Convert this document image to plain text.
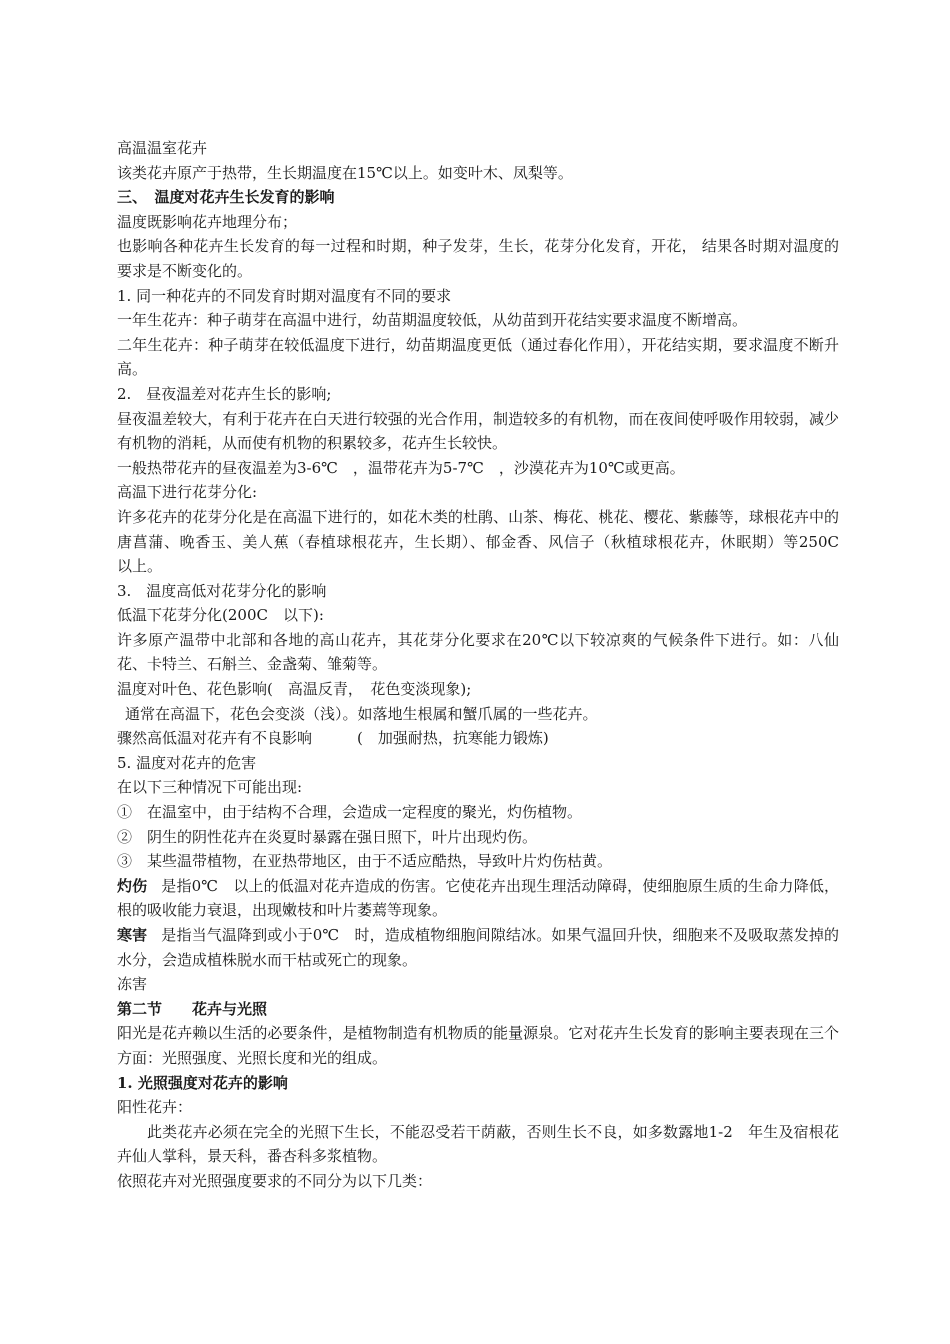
高温温室花卉

该类花卉原产于热带，生长期温度在15℃以上。如变叶木、凤梨等。

三、　温度对花卉生长发育的影响

温度既影响花卉地理分布；

也影响各种花卉生长发育的每一过程和时期，种子发芽，生长，花芽分化发育，开花， 结果各时期对温度的要求是不断变化的。

1. 同一种花卉的不同发育时期对温度有不同的要求

一年生花卉：种子萌芽在高温中进行，幼苗期温度较低，从幼苗到开花结实要求温度不断增高。

二年生花卉：种子萌芽在较低温度下进行，幼苗期温度更低（通过春化作用），开花结实期，要求温度不断升高。

2.　昼夜温差对花卉生长的影响;

昼夜温差较大，有利于花卉在白天进行较强的光合作用，制造较多的有机物，而在夜间使呼吸作用较弱，减少有机物的消耗，从而使有机物的积累较多，花卉生长较快。

一般热带花卉的昼夜温差为3-6℃　，温带花卉为5-7℃　，沙漠花卉为10℃或更高。

高温下进行花芽分化:

许多花卉的花芽分化是在高温下进行的，如花木类的杜鹃、山茶、梅花、桃花、樱花、紫藤等，球根花卉中的唐菖蒲、晚香玉、美人蕉（春植球根花卉，生长期）、郁金香、风信子（秋植球根花卉，休眠期）等250C　以上。

3.　温度高低对花芽分化的影响

低温下花芽分化(200C　以下):

许多原产温带中北部和各地的高山花卉，其花芽分化要求在20℃以下较凉爽的气候条件下进行。如：八仙花、卡特兰、石斛兰、金盏菊、雏菊等。

温度对叶色、花色影响(　高温反青，　花色变淡现象);

通常在高温下，花色会变淡（浅）。如落地生根属和蟹爪属的一些花卉。

骤然高低温对花卉有不良影响　　　(　加强耐热，抗寒能力锻炼)

5. 温度对花卉的危害

在以下三种情况下可能出现:

①　在温室中，由于结构不合理，会造成一定程度的聚光，灼伤植物。

②　阴生的阴性花卉在炎夏时暴露在强日照下，叶片出现灼伤。

③　某些温带植物，在亚热带地区，由于不适应酷热，导致叶片灼伤枯黄。

灼伤 是指0℃　以上的低温对花卉造成的伤害。它使花卉出现生理活动障碍，使细胞原生质的生命力降低，根的吸收能力衰退，出现嫩枝和叶片萎蔫等现象。

寒害 是指当气温降到或小于0℃　时，造成植物细胞间隙结冰。如果气温回升快，细胞来不及吸取蒸发掉的水分，会造成植株脱水而干枯或死亡的现象。

冻害

第二节　　花卉与光照

阳光是花卉赖以生活的必要条件，是植物制造有机物质的能量源泉。它对花卉生长发育的影响主要表现在三个方面：光照强度、光照长度和光的组成。

1. 光照强度对花卉的影响

阳性花卉：

此类花卉必须在完全的光照下生长，不能忍受若干荫蔽，否则生长不良，如多数露地1-2　年生及宿根花卉仙人掌科，景天科，番杏科多浆植物。

依照花卉对光照强度要求的不同分为以下几类：
